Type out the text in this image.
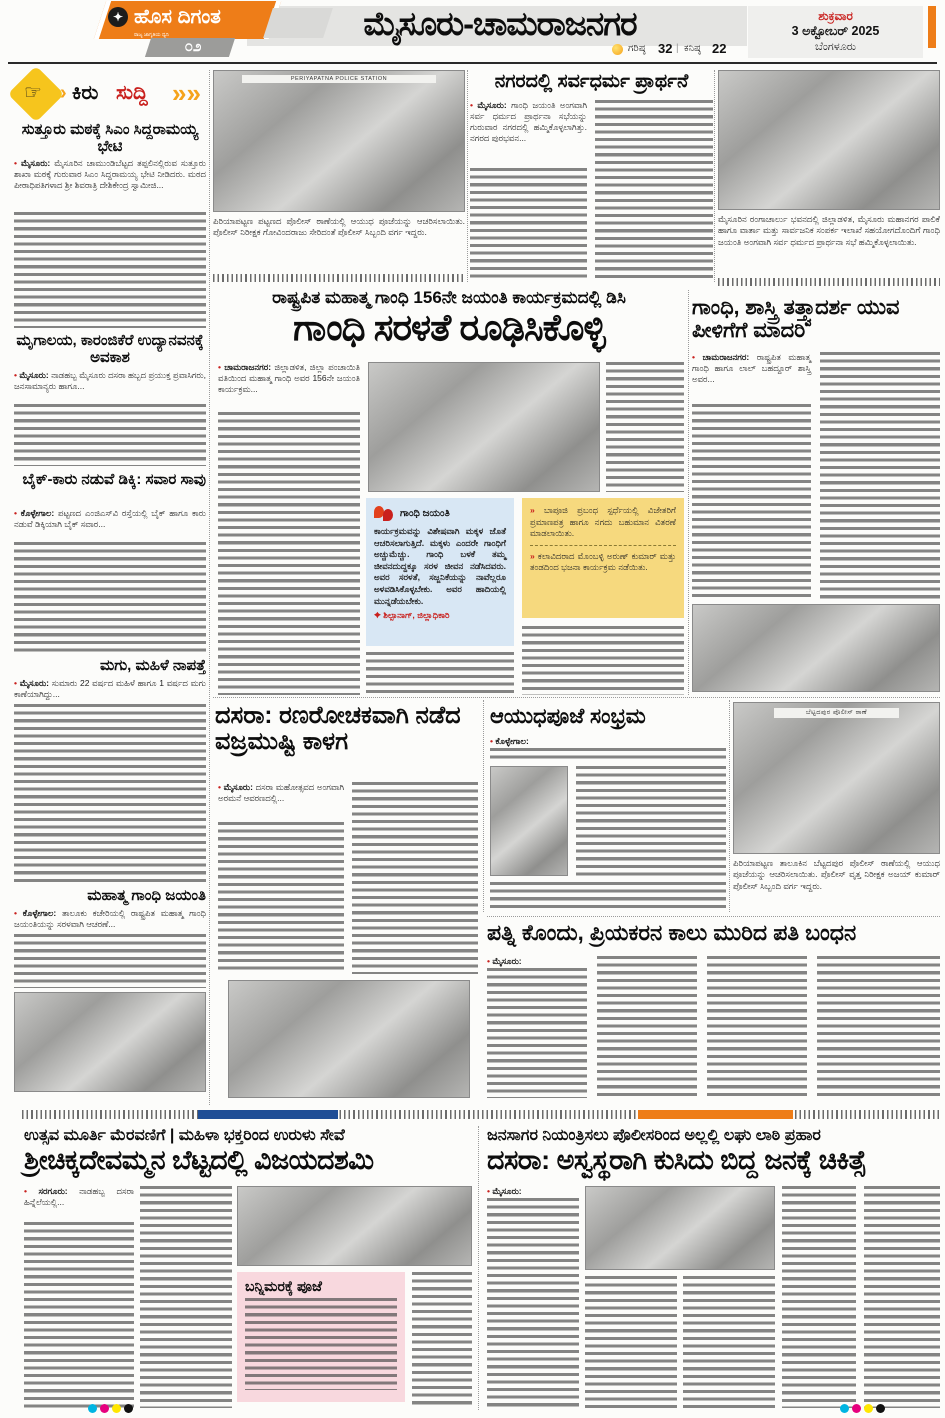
✦ ಹೊಸ ದಿಗಂತ
ರಾಜ್ಯ ಜಾಗೃತಿಯ ಧ್ವನಿ
೦೨
ಮೈಸೂರು-ಚಾಮರಾಜನಗರ	ಶುಕ್ರವಾರ
3 ಅಕ್ಟೋಬರ್ 2025
ಬೆಂಗಳೂರು
ಗರಿಷ್ಠ 32 | ಕನಿಷ್ಠ 22
☞ › ಕಿರು ಸುದ್ದಿ »»
ಸುತ್ತೂರು ಮಠಕ್ಕೆ ಸಿಎಂ ಸಿದ್ದರಾಮಯ್ಯ ಭೇಟಿ
• ಮೈಸೂರು: ಮೈಸೂರಿನ ಚಾಮುಂಡಿಬೆಟ್ಟದ ತಪ್ಪಲಿನಲ್ಲಿರುವ ಸುತ್ತೂರು ಶಾಖಾ ಮಠಕ್ಕೆ ಗುರುವಾರ ಸಿಎಂ ಸಿದ್ದರಾಮಯ್ಯ ಭೇಟಿ ನೀಡಿದರು. ಮಠದ ಪೀಠಾಧಿಪತಿಗಳಾದ ಶ್ರೀ ಶಿವರಾತ್ರಿ ದೇಶಿಕೇಂದ್ರ ಸ್ವಾಮೀಜಿ...
ಮೃಗಾಲಯ, ಕಾರಂಜಿಕೆರೆ ಉದ್ಯಾನವನಕ್ಕೆ ಅವಕಾಶ
• ಮೈಸೂರು: ನಾಡಹಬ್ಬ ಮೈಸೂರು ದಸರಾ ಹಬ್ಬದ ಪ್ರಯುಕ್ತ ಪ್ರವಾಸಿಗರು, ಜನಸಾಮಾನ್ಯರು ಹಾಗೂ...
ಬೈಕ್-ಕಾರು ನಡುವೆ ಡಿಕ್ಕಿ: ಸವಾರ ಸಾವು
• ಕೊಳ್ಳೇಗಾಲ: ಪಟ್ಟಣದ ಎಂಜಿಎಸ್‌ವಿ ರಸ್ತೆಯಲ್ಲಿ ಬೈಕ್ ಹಾಗೂ ಕಾರು ನಡುವೆ ಡಿಕ್ಕಿಯಾಗಿ ಬೈಕ್ ಸವಾರ...
ಮಗು, ಮಹಿಳೆ ನಾಪತ್ತೆ
• ಮೈಸೂರು: ಸುಮಾರು 22 ವರ್ಷದ ಮಹಿಳೆ ಹಾಗೂ 1 ವರ್ಷದ ಮಗು ಕಾಣೆಯಾಗಿದ್ದು...
ಮಹಾತ್ಮ ಗಾಂಧಿ ಜಯಂತಿ
• ಕೊಳ್ಳೇಗಾಲ: ತಾಲೂಕು ಕಚೇರಿಯಲ್ಲಿ ರಾಷ್ಟ್ರಪಿತ ಮಹಾತ್ಮ ಗಾಂಧಿ ಜಯಂತಿಯನ್ನು ಸರಳವಾಗಿ ಆಚರಣೆ...
PERIYAPATNA POLICE STATION
ಪಿರಿಯಾಪಟ್ಟಣ ಪಟ್ಟಣದ ಪೊಲೀಸ್ ಠಾಣೆಯಲ್ಲಿ ಆಯುಧ ಪೂಜೆಯನ್ನು ಆಚರಿಸಲಾಯಿತು. ಪೊಲೀಸ್ ನಿರೀಕ್ಷಕ ಗೋವಿಂದರಾಜು ಸೇರಿದಂತೆ ಪೊಲೀಸ್ ಸಿಬ್ಬಂದಿ ವರ್ಗ ಇದ್ದರು.
ನಗರದಲ್ಲಿ ಸರ್ವಧರ್ಮ ಪ್ರಾರ್ಥನೆ
• ಮೈಸೂರು: ಗಾಂಧಿ ಜಯಂತಿ ಅಂಗವಾಗಿ ಸರ್ವ ಧರ್ಮದ ಪ್ರಾರ್ಥನಾ ಸಭೆಯನ್ನು ಗುರುವಾರ ನಗರದಲ್ಲಿ ಹಮ್ಮಿಕೊಳ್ಳಲಾಗಿತ್ತು. ನಗರದ ಪುರಭವನ...
ಮೈಸೂರಿನ ರಂಗಾಚಾರ್ಲು ಭವನದಲ್ಲಿ ಜಿಲ್ಲಾಡಳಿತ, ಮೈಸೂರು ಮಹಾನಗರ ಪಾಲಿಕೆ ಹಾಗೂ ವಾರ್ತಾ ಮತ್ತು ಸಾರ್ವಜನಿಕ ಸಂಪರ್ಕ ಇಲಾಖೆ ಸಹಯೋಗದೊಂದಿಗೆ ಗಾಂಧಿ ಜಯಂತಿ ಅಂಗವಾಗಿ ಸರ್ವ ಧರ್ಮದ ಪ್ರಾರ್ಥನಾ ಸಭೆ ಹಮ್ಮಿಕೊಳ್ಳಲಾಯಿತು.
ರಾಷ್ಟ್ರಪಿತ ಮಹಾತ್ಮ ಗಾಂಧಿ 156ನೇ ಜಯಂತಿ ಕಾರ್ಯಕ್ರಮದಲ್ಲಿ ಡಿಸಿ
ಗಾಂಧಿ ಸರಳತೆ ರೂಢಿಸಿಕೊಳ್ಳಿ
• ಚಾಮರಾಜನಗರ: ಜಿಲ್ಲಾಡಳಿತ, ಜಿಲ್ಲಾ ಪಂಚಾಯಿತಿ ವತಿಯಿಂದ ಮಹಾತ್ಮ ಗಾಂಧಿ ಅವರ 156ನೇ ಜಯಂತಿ ಕಾರ್ಯಕ್ರಮ...
ಗಾಂಧಿ ಜಯಂತಿ
ಕಾರ್ಯಕ್ರಮವನ್ನು ವಿಶೇಷವಾಗಿ ಮಕ್ಕಳ ಜೊತೆ ಆಚರಿಸಲಾಗುತ್ತಿದೆ. ಮಕ್ಕಳು ಎಂದರೇ ಗಾಂಧಿಗೆ ಅಚ್ಚುಮೆಚ್ಚು. ಗಾಂಧಿ ಬಳಕೆ ತಮ್ಮ ಜೀವನದುದ್ದಕ್ಕೂ ಸರಳ ಜೀವನ ನಡೆಸಿದವರು. ಅವರ ಸರಳತೆ, ಸಜ್ಜನಿಕೆಯನ್ನು ನಾವೆಲ್ಲರೂ ಅಳವಡಿಸಿಕೊಳ್ಳಬೇಕು. ಅವರ ಹಾದಿಯಲ್ಲಿ ಮುನ್ನಡೆಯಬೇಕು.
✦ ಶಿಲ್ಪಾನಾಗ್, ಜಿಲ್ಲಾಧಿಕಾರಿ
» ಬಾಪೂಜಿ ಪ್ರಬಂಧ ಸ್ಪರ್ಧೆಯಲ್ಲಿ ವಿಜೇತರಿಗೆ ಪ್ರಮಾಣಪತ್ರ ಹಾಗೂ ನಗದು ಬಹುಮಾನ ವಿತರಣೆ ಮಾಡಲಾಯಿತು.
» ಕಲಾವಿದರಾದ ಮೊಂಬಳ್ಳಿ ಅರುಣ್ ಕುಮಾರ್ ಮತ್ತು ತಂಡದಿಂದ ಭಜನಾ ಕಾರ್ಯಕ್ರಮ ನಡೆಯಿತು.
ಗಾಂಧಿ, ಶಾಸ್ತ್ರಿ ತತ್ತ್ವಾದರ್ಶ ಯುವ ಪೀಳಿಗೆಗೆ ಮಾದರಿ
• ಚಾಮರಾಜನಗರ: ರಾಷ್ಟ್ರಪಿತ ಮಹಾತ್ಮ ಗಾಂಧಿ ಹಾಗೂ ಲಾಲ್ ಬಹದ್ದೂರ್ ಶಾಸ್ತ್ರಿ ಅವರ...
ದಸರಾ: ರಣರೋಚಕವಾಗಿ ನಡೆದ ವಜ್ರಮುಷ್ಟಿ ಕಾಳಗ
• ಮೈಸೂರು: ದಸರಾ ಮಹೋತ್ಸವದ ಅಂಗವಾಗಿ ಅರಮನೆ ಆವರಣದಲ್ಲಿ...
ಆಯುಧಪೂಜೆ ಸಂಭ್ರಮ
• ಕೊಳ್ಳೇಗಾಲ:
ಬೆಟ್ಟದಪುರ ಪೊಲೀಸ್ ಠಾಣೆ
ಪಿರಿಯಾಪಟ್ಟಣ ತಾಲೂಕಿನ ಬೆಟ್ಟದಪುರ ಪೊಲೀಸ್ ಠಾಣೆಯಲ್ಲಿ ಆಯುಧ ಪೂಜೆಯನ್ನು ಆಚರಿಸಲಾಯಿತು. ಪೊಲೀಸ್ ವೃತ್ತ ನಿರೀಕ್ಷಕ ಅಜಯ್ ಕುಮಾರ್ ಪೊಲೀಸ್ ಸಿಬ್ಬಂದಿ ವರ್ಗ ಇದ್ದರು.
ಪತ್ನಿ ಕೊಂದು, ಪ್ರಿಯಕರನ ಕಾಲು ಮುರಿದ ಪತಿ ಬಂಧನ
• ಮೈಸೂರು:
ಉತ್ಸವ ಮೂರ್ತಿ ಮೆರವಣಿಗೆ | ಮಹಿಳಾ ಭಕ್ತರಿಂದ ಉರುಳು ಸೇವೆ
ಶ್ರೀಚಿಕ್ಕದೇವಮ್ಮನ ಬೆಟ್ಟದಲ್ಲಿ ವಿಜಯದಶಮಿ
• ಸರಗೂರು: ನಾಡಹಬ್ಬ ದಸರಾ ಹಿನ್ನೆಲೆಯಲ್ಲಿ...
ಬನ್ನಿಮರಕ್ಕೆ ಪೂಜೆ
ಜನಸಾಗರ ನಿಯಂತ್ರಿಸಲು ಪೊಲೀಸರಿಂದ ಅಲ್ಲಲ್ಲಿ ಲಘು ಲಾಠಿ ಪ್ರಹಾರ
ದಸರಾ: ಅಸ್ವಸ್ಥರಾಗಿ ಕುಸಿದು ಬಿದ್ದ ಜನಕ್ಕೆ ಚಿಕಿತ್ಸೆ
• ಮೈಸೂರು:
